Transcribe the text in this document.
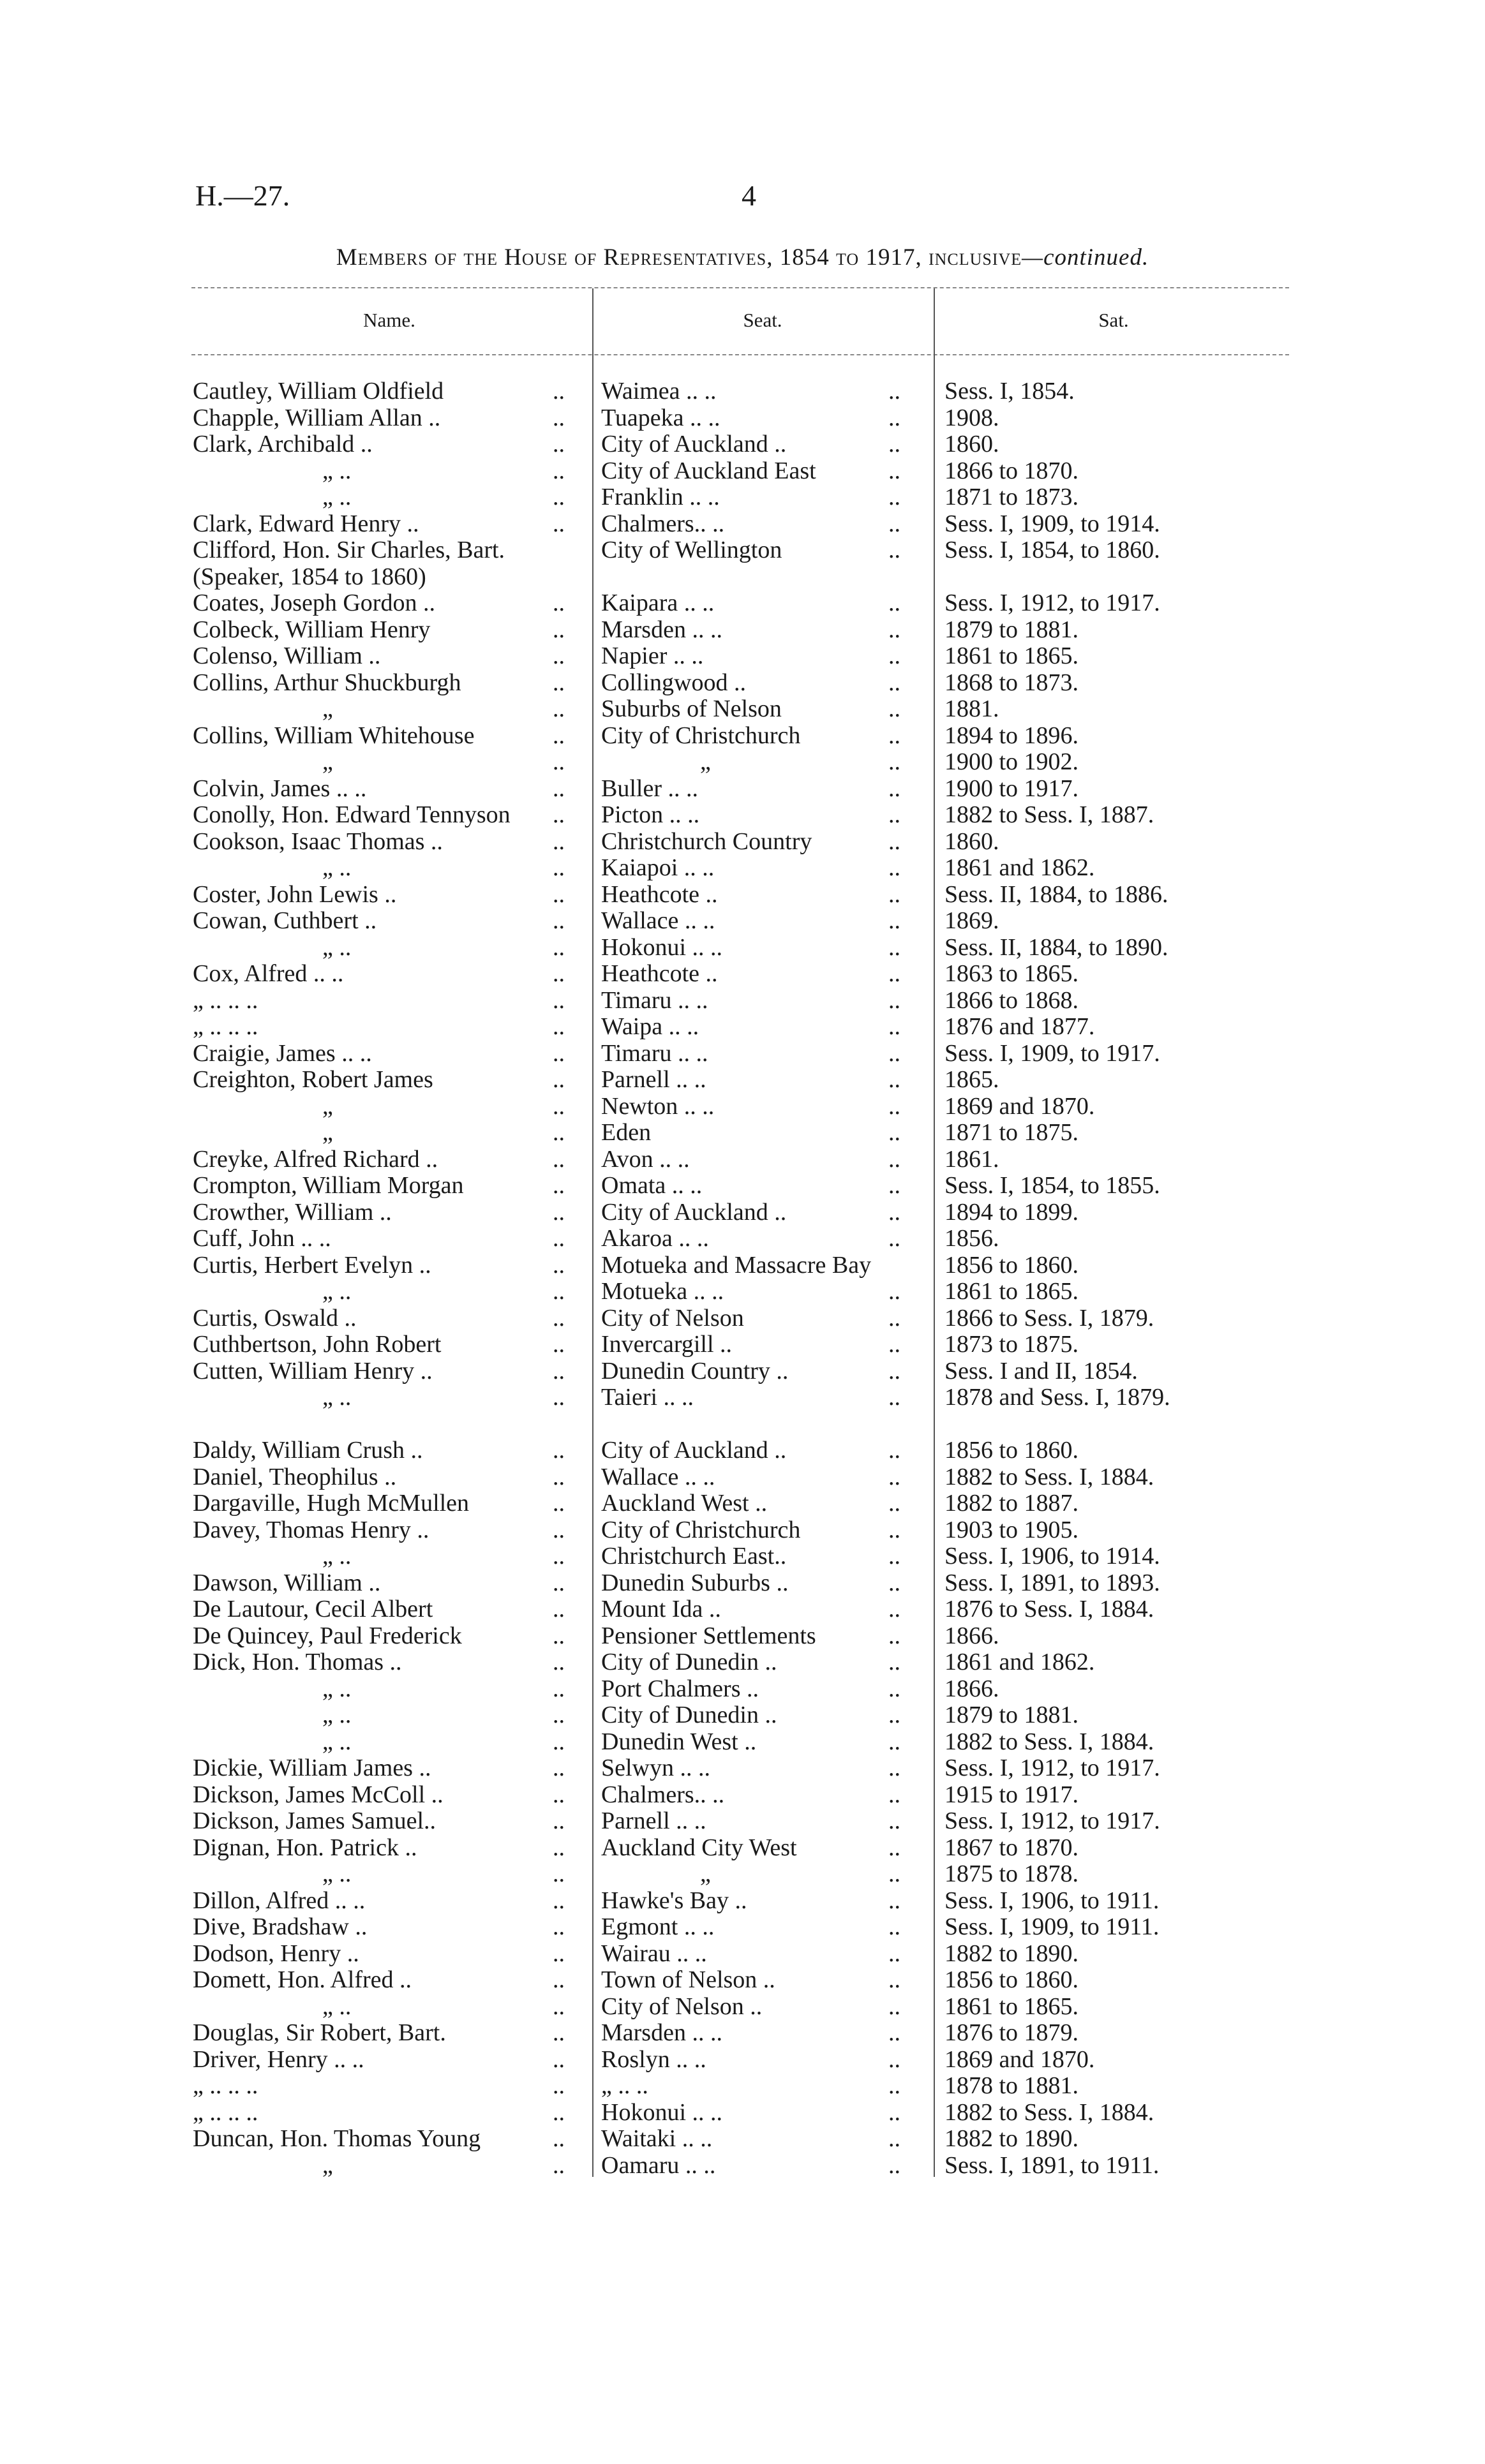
H.—27.	4
Members of the House of Representatives, 1854 to 1917, inclusive—continued.
Name.	Seat.	Sat.
Cautley, William Oldfield	.. Waimea .. ..	.. Sess. I, 1854.
Chapple, William Allan ..	.. Tuapeka .. ..	.. 1908.
Clark, Archibald ..	.. City of Auckland ..	.. 1860.
„ ..	.. City of Auckland East	.. 1866 to 1870.
„ ..	.. Franklin .. ..	.. 1871 to 1873.
Clark, Edward Henry ..	.. Chalmers.. ..	.. Sess. I, 1909, to 1914.
Clifford, Hon. Sir Charles, Bart.
(Speaker, 1854 to 1860)
City of Wellington	.. Sess. I, 1854, to 1860.
Coates, Joseph Gordon ..	.. Kaipara .. ..	.. Sess. I, 1912, to 1917.
Colbeck, William Henry	.. Marsden .. ..	.. 1879 to 1881.
Colenso, William ..	.. Napier .. ..	.. 1861 to 1865.
Collins, Arthur Shuckburgh	.. Collingwood ..	.. 1868 to 1873.
„	.. Suburbs of Nelson	.. 1881.
Collins, William Whitehouse	.. City of Christchurch	.. 1894 to 1896.
„	..	„	.. 1900 to 1902.
Colvin, James .. ..	.. Buller .. ..	.. 1900 to 1917.
Conolly, Hon. Edward Tennyson .. Picton .. ..	.. 1882 to Sess. I, 1887.
Cookson, Isaac Thomas ..	.. Christchurch Country	.. 1860.
„ ..	.. Kaiapoi .. ..	.. 1861 and 1862.
Coster, John Lewis ..	.. Heathcote ..	.. Sess. II, 1884, to 1886.
Cowan, Cuthbert ..	.. Wallace .. ..	.. 1869.
„ ..	.. Hokonui .. ..	.. Sess. II, 1884, to 1890.
Cox, Alfred .. ..	.. Heathcote ..	.. 1863 to 1865.
„ .. .. ..	.. Timaru .. ..	.. 1866 to 1868.
„ .. .. ..	.. Waipa .. ..	.. 1876 and 1877.
Craigie, James .. ..	.. Timaru .. ..	.. Sess. I, 1909, to 1917.
Creighton, Robert James	.. Parnell .. ..	.. 1865.
„	.. Newton .. ..	.. 1869 and 1870.
„	.. Eden	.. 1871 to 1875.
Creyke, Alfred Richard ..	.. Avon .. ..	.. 1861.
Crompton, William Morgan	.. Omata .. ..	.. Sess. I, 1854, to 1855.
Crowther, William ..	.. City of Auckland ..	.. 1894 to 1899.
Cuff, John .. ..	.. Akaroa .. ..	.. 1856.
Curtis, Herbert Evelyn ..	.. Motueka and Massacre Bay	1856 to 1860.
„ ..	.. Motueka .. ..	.. 1861 to 1865.
Curtis, Oswald ..	.. City of Nelson	.. 1866 to Sess. I, 1879.
Cuthbertson, John Robert	.. Invercargill ..	.. 1873 to 1875.
Cutten, William Henry ..	.. Dunedin Country ..	.. Sess. I and II, 1854.
„ ..	.. Taieri .. ..	.. 1878 and Sess. I, 1879.
Daldy, William Crush ..	.. City of Auckland ..	.. 1856 to 1860.
Daniel, Theophilus ..	.. Wallace .. ..	.. 1882 to Sess. I, 1884.
Dargaville, Hugh McMullen	.. Auckland West ..	.. 1882 to 1887.
Davey, Thomas Henry ..	.. City of Christchurch	.. 1903 to 1905.
„ ..	.. Christchurch East..	.. Sess. I, 1906, to 1914.
Dawson, William ..	.. Dunedin Suburbs ..	.. Sess. I, 1891, to 1893.
De Lautour, Cecil Albert	.. Mount Ida ..	.. 1876 to Sess. I, 1884.
De Quincey, Paul Frederick	.. Pensioner Settlements	.. 1866.
Dick, Hon. Thomas ..	.. City of Dunedin ..	.. 1861 and 1862.
„ ..	.. Port Chalmers ..	.. 1866.
„ ..	.. City of Dunedin ..	.. 1879 to 1881.
„ ..	.. Dunedin West ..	.. 1882 to Sess. I, 1884.
Dickie, William James ..	.. Selwyn .. ..	.. Sess. I, 1912, to 1917.
Dickson, James McColl ..	.. Chalmers.. ..	.. 1915 to 1917.
Dickson, James Samuel..	.. Parnell .. ..	.. Sess. I, 1912, to 1917.
Dignan, Hon. Patrick ..	.. Auckland City West	.. 1867 to 1870.
„ ..	..	„	.. 1875 to 1878.
Dillon, Alfred .. ..	.. Hawke's Bay ..	.. Sess. I, 1906, to 1911.
Dive, Bradshaw ..	.. Egmont .. ..	.. Sess. I, 1909, to 1911.
Dodson, Henry ..	.. Wairau .. ..	.. 1882 to 1890.
Domett, Hon. Alfred ..	.. Town of Nelson ..	.. 1856 to 1860.
„ ..	.. City of Nelson ..	.. 1861 to 1865.
Douglas, Sir Robert, Bart.	.. Marsden .. ..	.. 1876 to 1879.
Driver, Henry .. ..	.. Roslyn .. ..	.. 1869 and 1870.
„ .. .. ..	.. „ .. ..	.. 1878 to 1881.
„ .. .. ..	.. Hokonui .. ..	.. 1882 to Sess. I, 1884.
Duncan, Hon. Thomas Young	.. Waitaki .. ..	.. 1882 to 1890.
„	.. Oamaru .. ..	.. Sess. I, 1891, to 1911.
